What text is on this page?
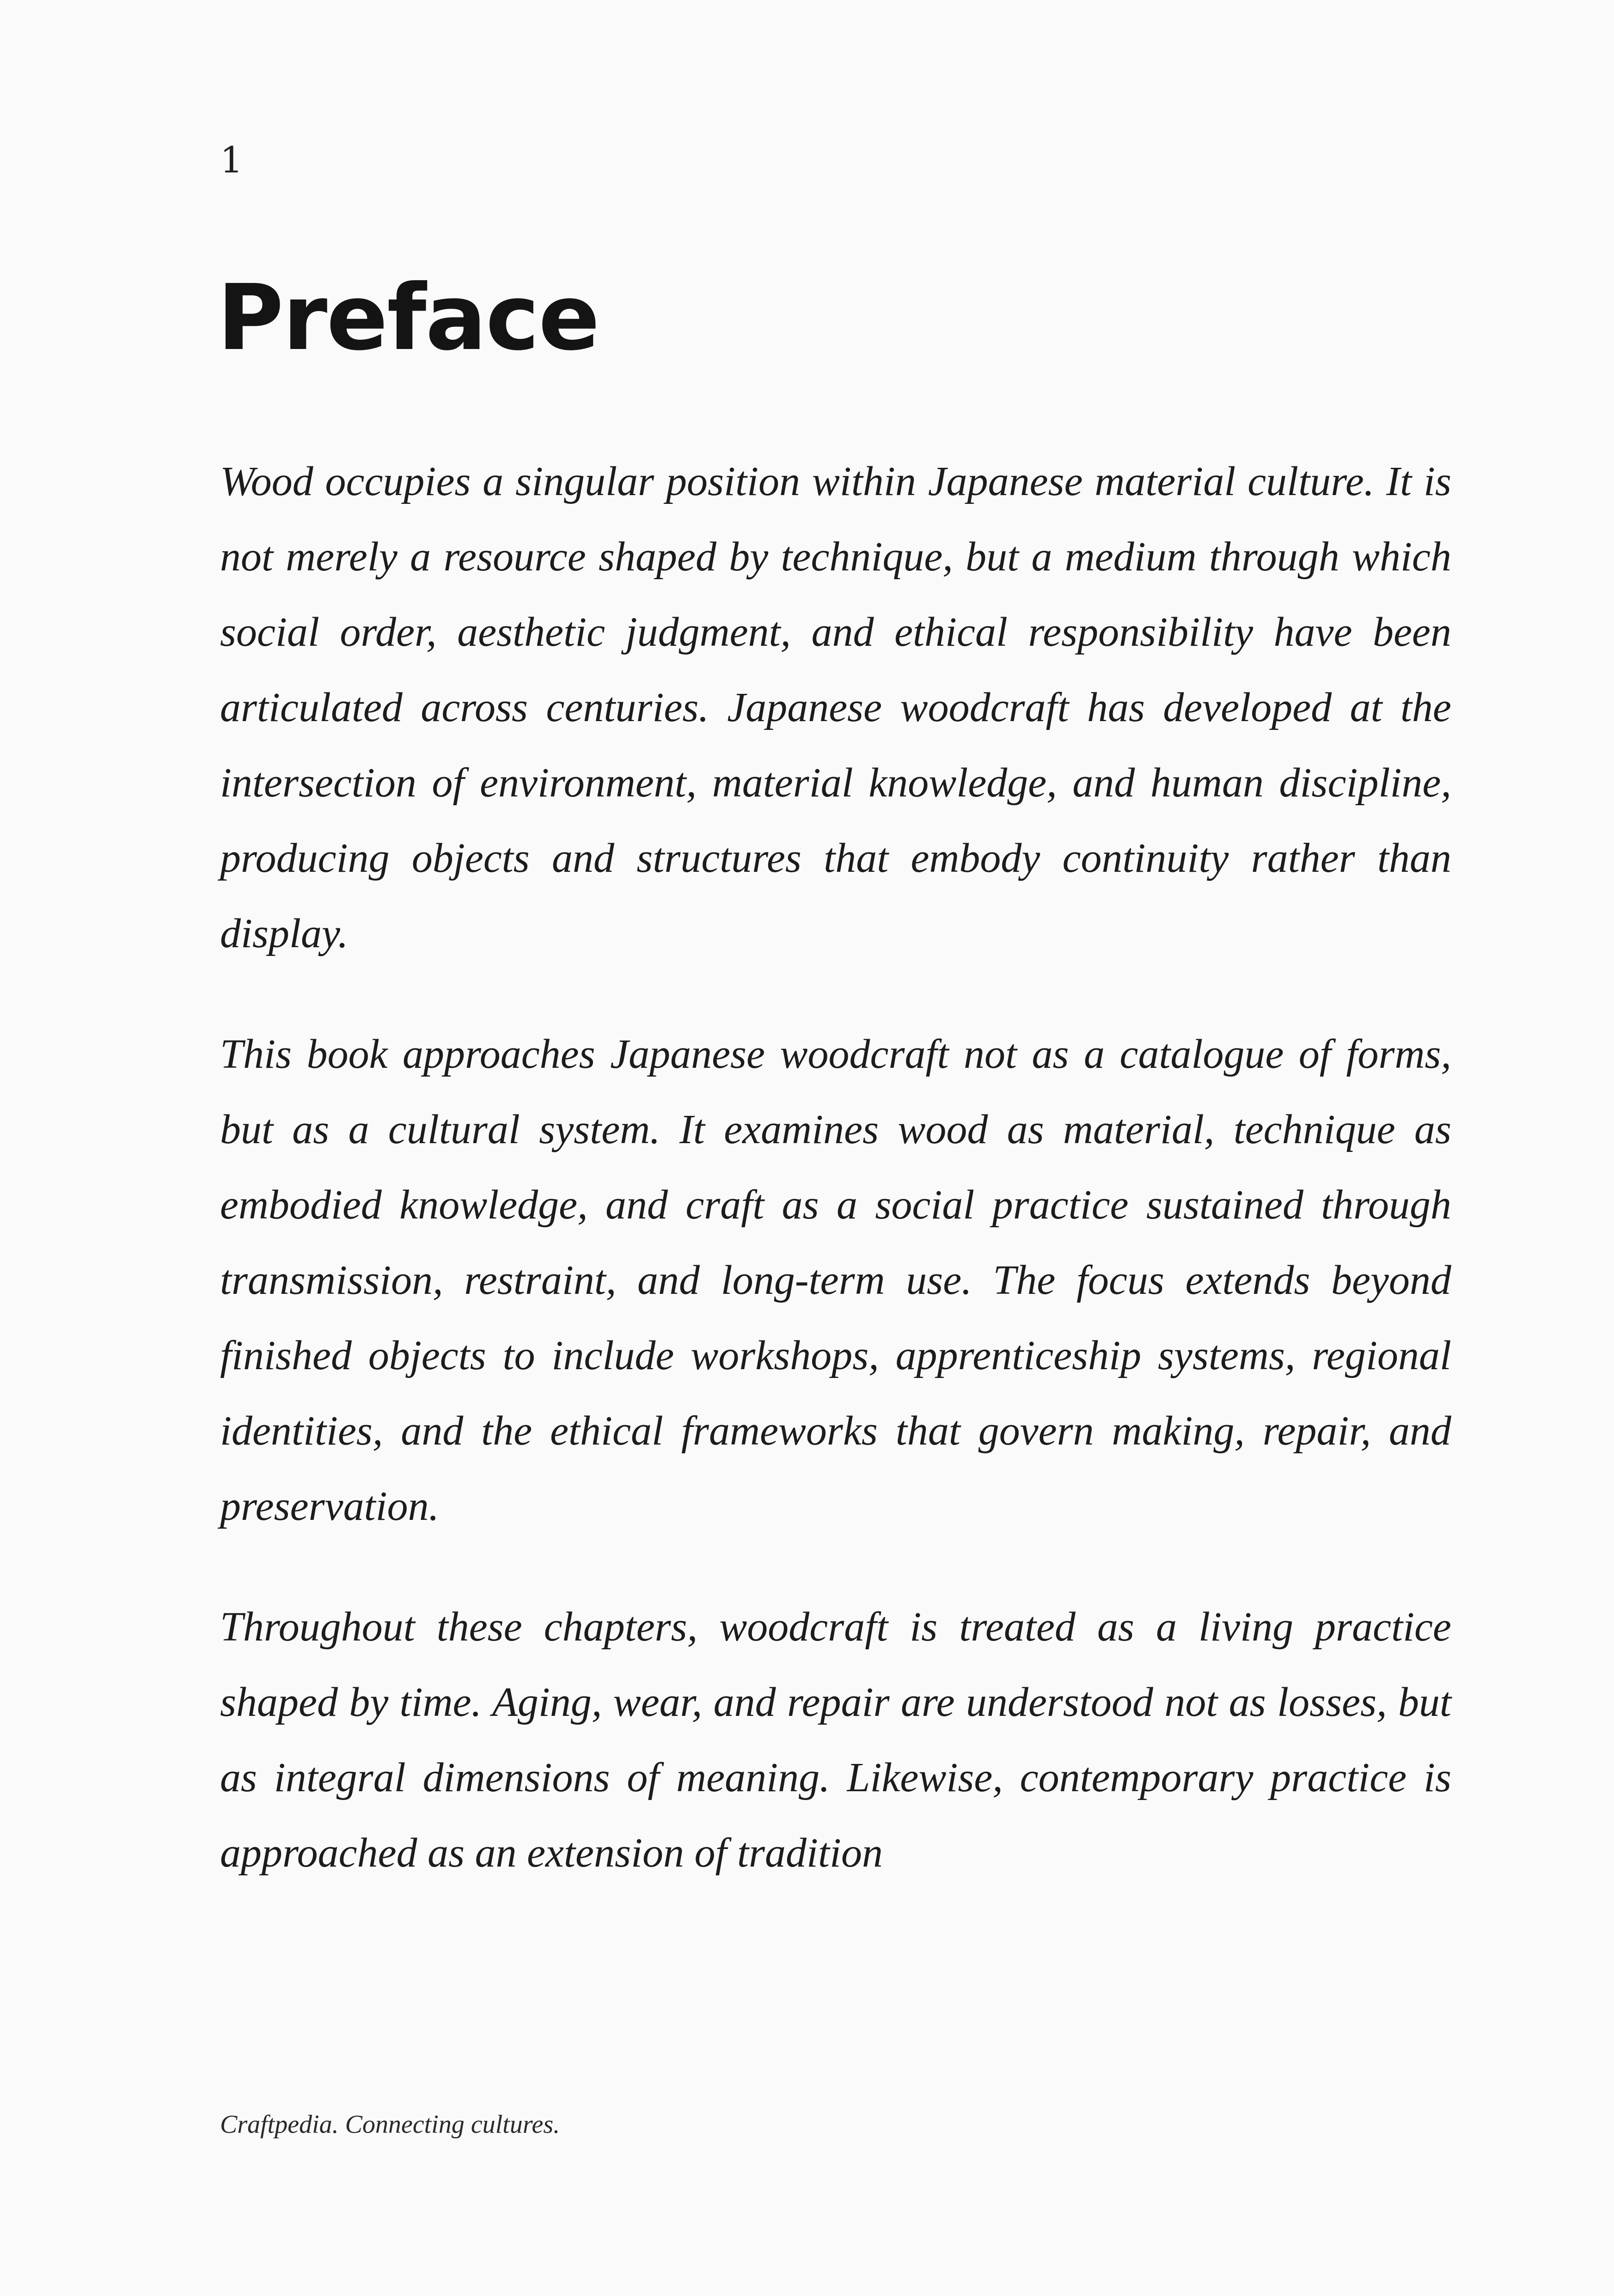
1
Preface

Wood occupies a singular position within Japanese material culture. It is not merely a resource shaped by technique, but a medium through which social order, aesthetic judgment, and ethical responsibility have been articulated across centuries. Japanese woodcraft has developed at the intersection of environment, material knowledge, and human discipline, producing objects and structures that embody continuity rather than display.

This book approaches Japanese woodcraft not as a catalogue of forms, but as a cultural system. It examines wood as material, technique as embodied knowledge, and craft as a social practice sustained through transmission, restraint, and long-term use. The focus extends beyond finished objects to include workshops, apprenticeship systems, regional identities, and the ethical frameworks that govern making, repair, and preservation.

Throughout these chapters, woodcraft is treated as a living practice shaped by time. Aging, wear, and repair are understood not as losses, but as integral dimensions of meaning. Likewise, contemporary practice is approached as an extension of tradition

Craftpedia. Connecting cultures.
